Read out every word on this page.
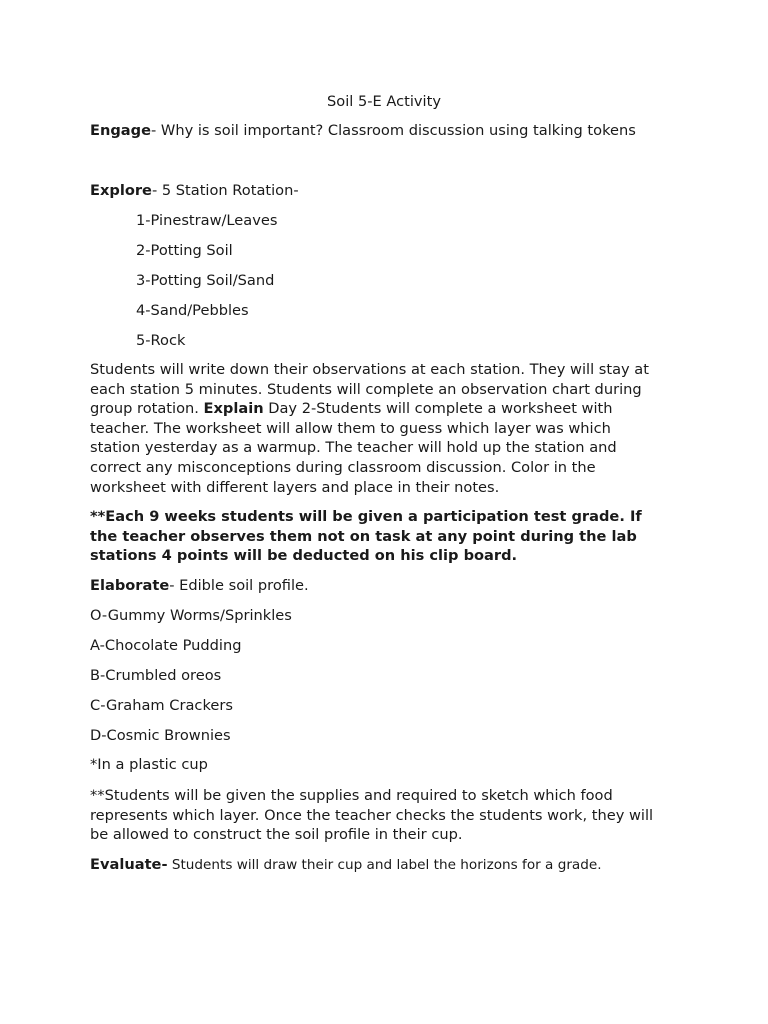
Soil 5-E Activity
Engage- Why is soil important? Classroom discussion using talking tokens
Explore- 5 Station Rotation-
1-Pinestraw/Leaves
2-Potting Soil
3-Potting Soil/Sand
4-Sand/Pebbles
5-Rock
Students will write down their observations at each station. They will stay at
each station 5 minutes. Students will complete an observation chart during
group rotation. Explain Day 2-Students will complete a worksheet with
teacher. The worksheet will allow them to guess which layer was which
station yesterday as a warmup. The teacher will hold up the station and
correct any misconceptions during classroom discussion. Color in the
worksheet with different layers and place in their notes.
**Each 9 weeks students will be given a participation test grade. If
the teacher observes them not on task at any point during the lab
stations 4 points will be deducted on his clip board.
Elaborate- Edible soil profile.
O-Gummy Worms/Sprinkles
A-Chocolate Pudding
B-Crumbled oreos
C-Graham Crackers
D-Cosmic Brownies
*In a plastic cup
**Students will be given the supplies and required to sketch which food
represents which layer. Once the teacher checks the students work, they will
be allowed to construct the soil profile in their cup.
Evaluate- Students will draw their cup and label the horizons for a grade.
